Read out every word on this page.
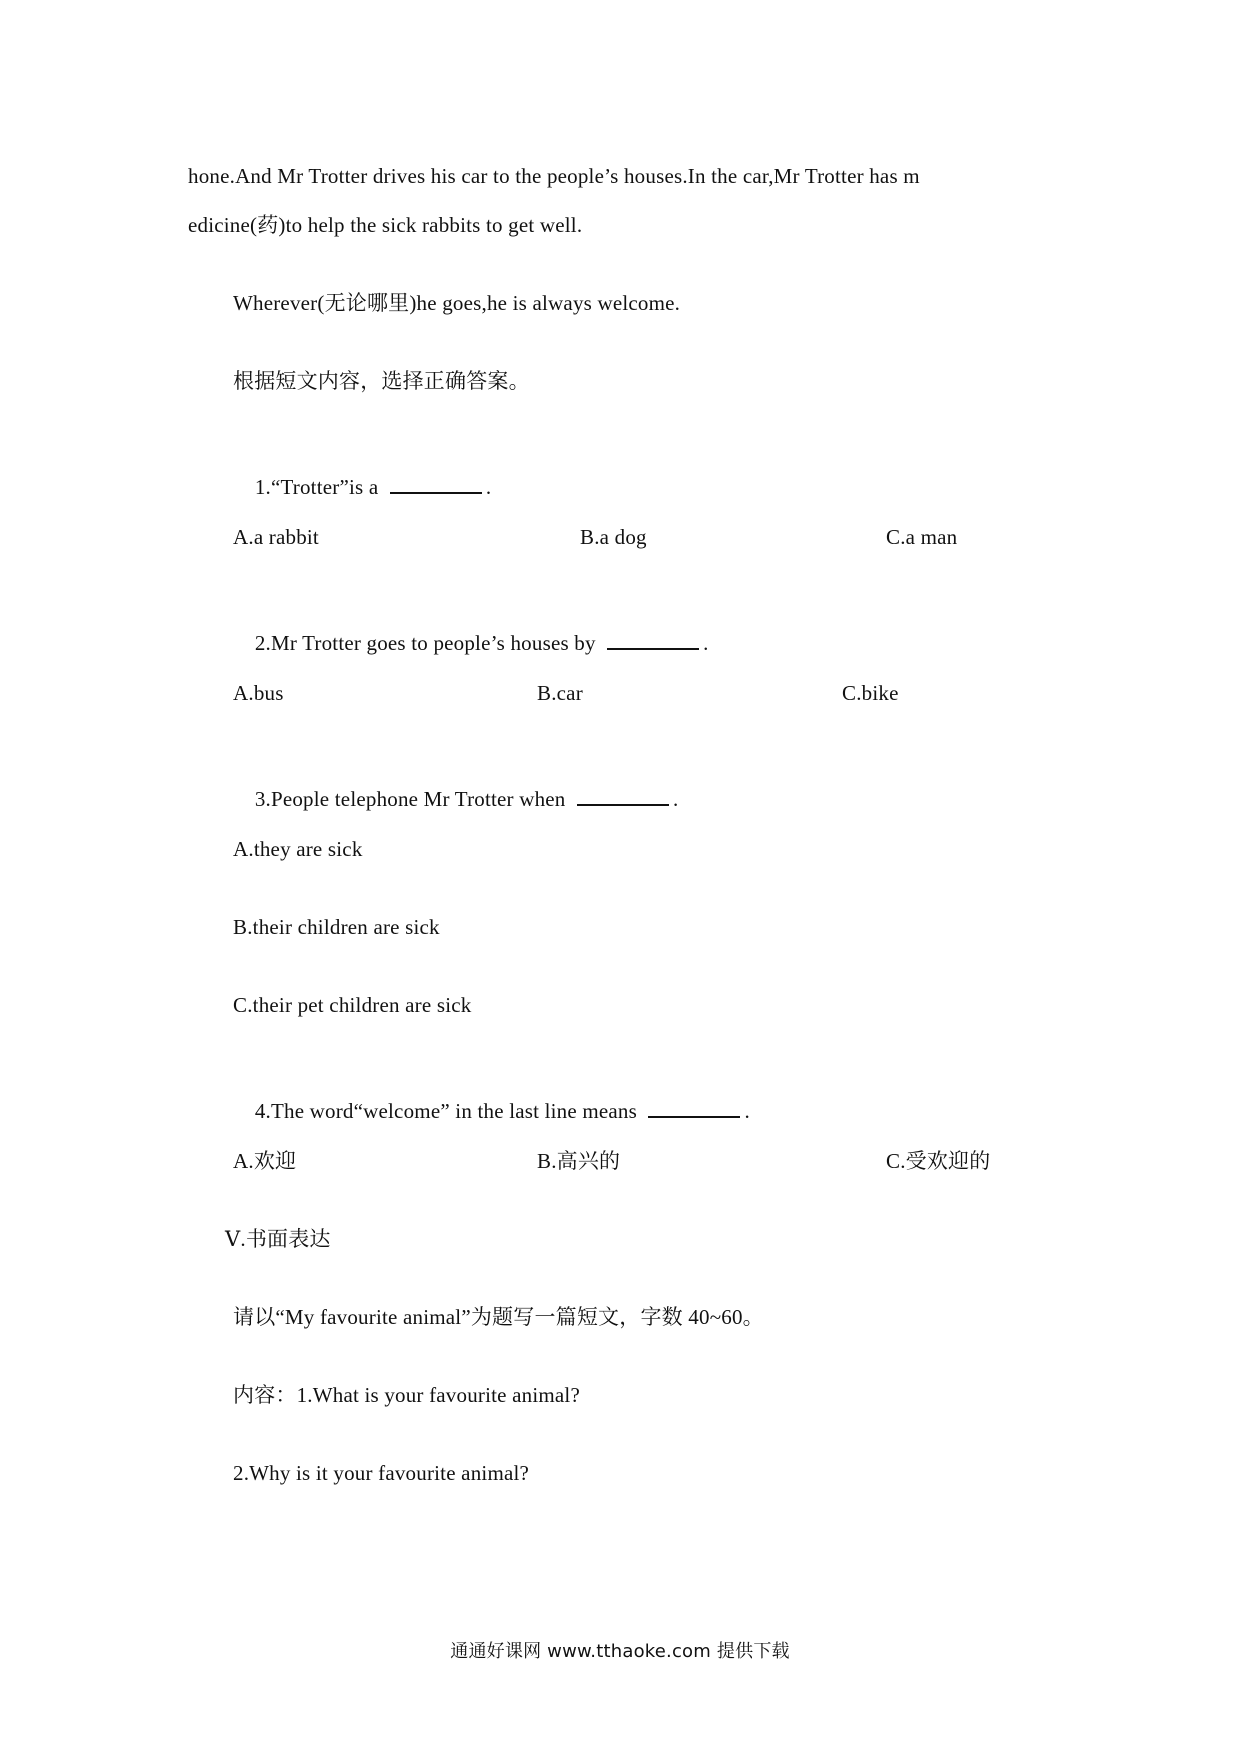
hone.And Mr Trotter drives his car to the people’s houses.In the car,Mr Trotter has m
edicine(药)to help the sick rabbits to get well.
Wherever(无论哪里)he goes,he is always welcome.
根据短文内容，选择正确答案。

1.“Trotter”is a	.

A.a rabbit	B.a dog	C.a man

2.Mr Trotter goes to people’s houses by	.

A.bus	B.car	C.bike

3.People telephone Mr Trotter when	.

A.they are sick
B.their children are sick
C.their pet children are sick

4.The word“welcome” in the last line means	.

A.欢迎	B.高兴的	C.受欢迎的
Ⅴ.书面表达
请以“My favourite animal”为题写一篇短文，字数 40~60。
内容：1.What is your favourite animal?
2.Why is it your favourite animal?
通通好课网 www.tthaoke.com 提供下载
